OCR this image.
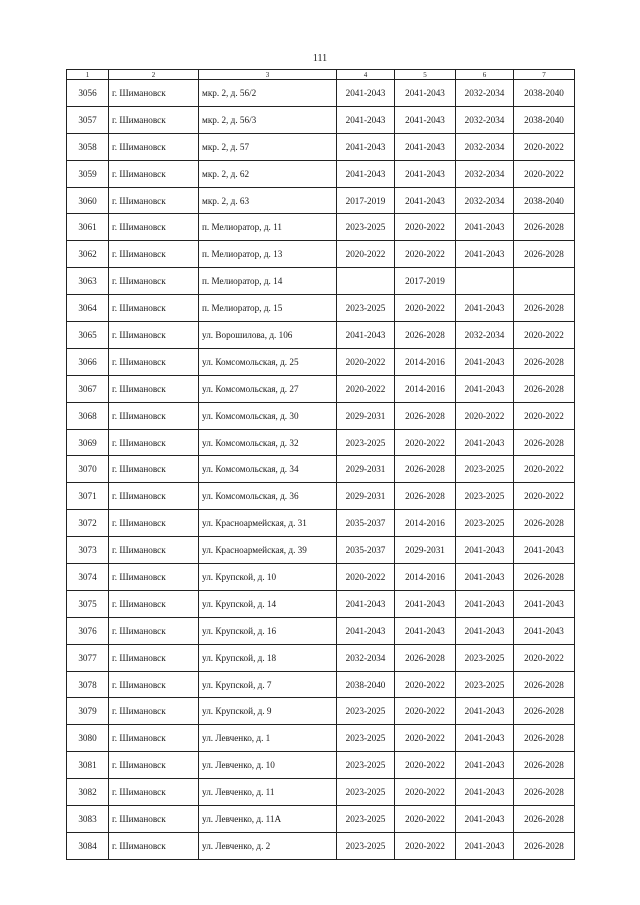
111
1	2	3	4	5	6	7
3056	г. Шимановск	мкр. 2, д. 56/2	2041-2043	2041-2043	2032-2034	2038-2040
3057	г. Шимановск	мкр. 2, д. 56/3	2041-2043	2041-2043	2032-2034	2038-2040
3058	г. Шимановск	мкр. 2, д. 57	2041-2043	2041-2043	2032-2034	2020-2022
3059	г. Шимановск	мкр. 2, д. 62	2041-2043	2041-2043	2032-2034	2020-2022
3060	г. Шимановск	мкр. 2, д. 63	2017-2019	2041-2043	2032-2034	2038-2040
3061	г. Шимановск	п. Мелиоратор, д. 11	2023-2025	2020-2022	2041-2043	2026-2028
3062	г. Шимановск	п. Мелиоратор, д. 13	2020-2022	2020-2022	2041-2043	2026-2028
3063	г. Шимановск	п. Мелиоратор, д. 14		2017-2019		
3064	г. Шимановск	п. Мелиоратор, д. 15	2023-2025	2020-2022	2041-2043	2026-2028
3065	г. Шимановск	ул. Ворошилова, д. 106	2041-2043	2026-2028	2032-2034	2020-2022
3066	г. Шимановск	ул. Комсомольская, д. 25	2020-2022	2014-2016	2041-2043	2026-2028
3067	г. Шимановск	ул. Комсомольская, д. 27	2020-2022	2014-2016	2041-2043	2026-2028
3068	г. Шимановск	ул. Комсомольская, д. 30	2029-2031	2026-2028	2020-2022	2020-2022
3069	г. Шимановск	ул. Комсомольская, д. 32	2023-2025	2020-2022	2041-2043	2026-2028
3070	г. Шимановск	ул. Комсомольская, д. 34	2029-2031	2026-2028	2023-2025	2020-2022
3071	г. Шимановск	ул. Комсомольская, д. 36	2029-2031	2026-2028	2023-2025	2020-2022
3072	г. Шимановск	ул. Красноармейская, д. 31	2035-2037	2014-2016	2023-2025	2026-2028
3073	г. Шимановск	ул. Красноармейская, д. 39	2035-2037	2029-2031	2041-2043	2041-2043
3074	г. Шимановск	ул. Крупской, д. 10	2020-2022	2014-2016	2041-2043	2026-2028
3075	г. Шимановск	ул. Крупской, д. 14	2041-2043	2041-2043	2041-2043	2041-2043
3076	г. Шимановск	ул. Крупской, д. 16	2041-2043	2041-2043	2041-2043	2041-2043
3077	г. Шимановск	ул. Крупской, д. 18	2032-2034	2026-2028	2023-2025	2020-2022
3078	г. Шимановск	ул. Крупской, д. 7	2038-2040	2020-2022	2023-2025	2026-2028
3079	г. Шимановск	ул. Крупской, д. 9	2023-2025	2020-2022	2041-2043	2026-2028
3080	г. Шимановск	ул. Левченко, д. 1	2023-2025	2020-2022	2041-2043	2026-2028
3081	г. Шимановск	ул. Левченко, д. 10	2023-2025	2020-2022	2041-2043	2026-2028
3082	г. Шимановск	ул. Левченко, д. 11	2023-2025	2020-2022	2041-2043	2026-2028
3083	г. Шимановск	ул. Левченко, д. 11А	2023-2025	2020-2022	2041-2043	2026-2028
3084	г. Шимановск	ул. Левченко, д. 2	2023-2025	2020-2022	2041-2043	2026-2028
